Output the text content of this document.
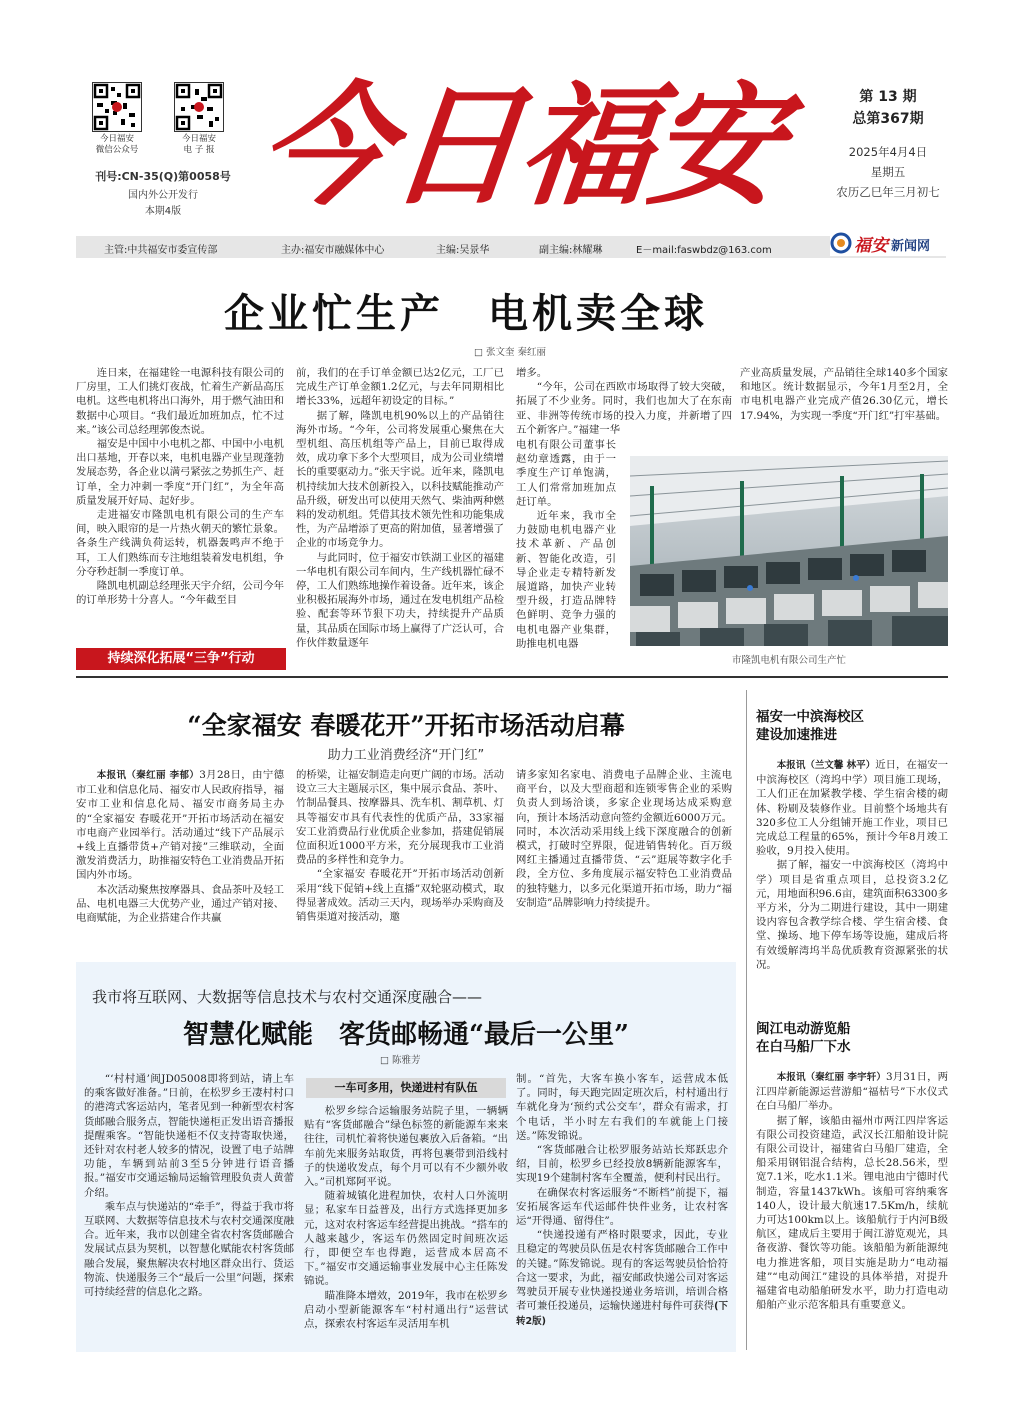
今日福安
微信公众号
今日福安
电 子 报
刊号:CN-35(Q)第0058号
国内外公开发行
本期4版 今日福安	第 13 期
总第367期
2025年4月4日
星期五
农历乙巳年三月初七
主管:中共福安市委宣传部	主办:福安市融媒体中心	主编:吴景华	副主编:林耀琳	E－mail:faswbdz@163.com	福安 新闻网
企业忙生产　电机卖全球
□ 张文奎 秦红丽

连日来，在福建铨一电源科技有限公司的厂房里，工人们挑灯夜战，忙着生产新品高压电机。这些电机将出口海外，用于燃气油田和数据中心项目。“我们最近加班加点，忙不过来。”该公司总经理郭俊杰说。

福安是中国中小电机之都、中国中小电机出口基地，开春以来，电机电器产业呈现蓬勃发展态势，各企业以满弓紧弦之势抓生产、赶订单，全力冲刺一季度“开门红”，为全年高质量发展开好局、起好步。

走进福安市隆凯电机有限公司的生产车间，映入眼帘的是一片热火朝天的繁忙景象。各条生产线满负荷运转，机器轰鸣声不绝于耳，工人们熟练而专注地组装着发电机组，争分夺秒赶制一季度订单。

隆凯电机副总经理张天宇介绍，公司今年的订单形势十分喜人。“今年截至目

持续深化拓展“三争”行动

前，我们的在手订单金额已达2亿元，工厂已完成生产订单金额1.2亿元，与去年同期相比增长33%，远超年初设定的目标。”

据了解，隆凯电机90%以上的产品销往海外市场。“今年，公司将发展重心聚焦在大型机组、高压机组等产品上，目前已取得成效，成功拿下多个大型项目，成为公司业绩增长的重要驱动力。”张天宇说。近年来，隆凯电机持续加大技术创新投入，以科技赋能推动产品升级，研发出可以使用天然气、柴油两种燃料的发动机组。凭借其技术领先性和功能集成性，为产品增添了更高的附加值，显著增强了企业的市场竞争力。

与此同时，位于福安市铁湖工业区的福建一华电机有限公司车间内，生产线机器忙碌不停，工人们熟练地操作着设备。近年来，该企业积极拓展海外市场，通过在发电机组产品检验、配套等环节狠下功夫，持续提升产品质量，其品质在国际市场上赢得了广泛认可，合作伙伴数量逐年

增多。

“今年，公司在西欧市场取得了较大突破，拓展了不少业务。同时，我们也加大了在东南亚、非洲等传统市场的投入力度，并新增了四五个新客户。”福建一华

电机有限公司董事长赵幼章透露，由于一季度生产订单饱满，工人们常常加班加点赶订单。

近年来，我市全力鼓励电机电器产业技术革新、产品创新、智能化改造，引导企业走专精特新发展道路，加快产业转型升级，打造品牌特色鲜明、竞争力强的电机电器产业集群，助推电机电器

产业高质量发展，产品销往全球140多个国家和地区。统计数据显示，今年1月至2月，全市电机电器产业完成产值26.30亿元，增长17.94%，为实现一季度“开门红”打牢基础。

市隆凯电机有限公司生产忙
“全家福安 春暖花开”开拓市场活动启幕
助力工业消费经济“开门红”

本报讯（秦红丽 李郁）3月28日，由宁德市工业和信息化局、福安市人民政府指导，福安市工业和信息化局、福安市商务局主办的“全家福安 春暖花开”开拓市场活动在福安市电商产业园举行。活动通过“线下产品展示+线上直播带货+产销对接”三维联动，全面激发消费活力，助推福安特色工业消费品开拓国内外市场。

本次活动聚焦按摩器具、食品茶叶及轻工品、电机电器三大优势产业，通过产销对接、电商赋能，为企业搭建合作共赢

的桥梁，让福安制造走向更广阔的市场。活动设立三大主题展示区，集中展示食品、茶叶、竹制品餐具、按摩器具、洗车机、割草机、灯具等福安市具有代表性的优质产品，33家福安工业消费品行业优质企业参加，搭建促销展位面积近1000平方米，充分展现我市工业消费品的多样性和竞争力。

“全家福安 春暖花开”开拓市场活动创新采用“线下促销+线上直播”双轮驱动模式，取得显著成效。活动三天内，现场举办采购商及销售渠道对接活动，邀

请多家知名家电、消费电子品牌企业、主流电商平台，以及大型商超和连锁零售企业的采购负责人到场洽谈，多家企业现场达成采购意向，预计本场活动意向签约金额近6000万元。同时，本次活动采用线上线下深度融合的创新模式，打破时空界限，促进销售转化。百万级网红主播通过直播带货、“云”逛展等数字化手段，全方位、多角度展示福安特色工业消费品的独特魅力，以多元化渠道开拓市场，助力“福安制造”品牌影响力持续提升。

我市将互联网、大数据等信息技术与农村交通深度融合——
智慧化赋能　客货邮畅通“最后一公里”
□ 陈雅芳

“‘村村通’闽JD05008即将到站，请上车的乘客做好准备。”日前，在松罗乡王凄村村口的港湾式客运站内，笔者见到一种新型农村客货邮融合服务点，智能快递柜正发出语音播报提醒乘客。“智能快递柜不仅支持寄取快递，还针对农村老人较多的情况，设置了电子站牌功能，车辆到站前3至5分钟进行语音播报。”福安市交通运输局运输管理股负责人黄蕾介绍。

乘车点与快递站的“牵手”，得益于我市将互联网、大数据等信息技术与农村交通深度融合。近年来，我市以创建全省农村客货邮融合发展试点县为契机，以智慧化赋能农村客货邮融合发展，聚焦解决农村地区群众出行、货运物流、快递服务三个“最后一公里”问题，探索可持续经营的信息化之路。

一车可多用，快递进村有队伍

松罗乡综合运输服务站院子里，一辆辆贴有“客货邮融合”绿色标签的新能源车来来往往，司机忙着将快递包裹放入后备箱。“出车前先来服务站取货，再将包裹带到沿线村子的快递收发点，每个月可以有不少额外收入。”司机郑阿平说。

随着城镇化进程加快，农村人口外流明显；私家车日益普及，出行方式选择更加多元，这对农村客运车经营提出挑战。“搭车的人越来越少，客运车仍然固定时间班次运行，即便空车也得跑，运营成本居高不下。”福安市交通运输事业发展中心主任陈发锦说。

瞄准降本增效，2019年，我市在松罗乡启动小型新能源客车“村村通出行”运营试点，探索农村客运车灵活用车机

制。“首先，大客车换小客车，运营成本低了。同时，每天跑完固定班次后，村村通出行车就化身为‘预约式公交车’，群众有需求，打个电话，半小时左右我们的车就能上门接送。”陈发锦说。

“客货邮融合让松罗服务站站长郑跃忠介绍，目前，松罗乡已经投放8辆新能源客车，实现19个建制村客车全覆盖，便利村民出行。

在确保农村客运服务“不断档”前提下，福安拓展客运车代运邮件快件业务，让农村客运“开得通、留得住”。

“快递投递有严格时限要求，因此，专业且稳定的驾驶员队伍是农村客货邮融合工作中的关键。”陈发锦说。现有的客运驾驶员恰恰符合这一要求，为此，福安邮政快递公司对客运驾驶员开展专业快递投递业务培训，培训合格者可兼任投递员，运输快递进村每件可获得(下转2版)

福安一中滨海校区
建设加速推进

本报讯（兰文馨 林平）近日，在福安一中滨海校区（湾坞中学）项目施工现场，工人们正在加紧教学楼、学生宿舍楼的砌体、粉刷及装修作业。目前整个场地共有320多位工人分组铺开施工作业，项目已完成总工程量的65%，预计今年8月竣工验收，9月投入使用。

据了解，福安一中滨海校区（湾坞中学）项目是省重点项目，总投资3.2亿元，用地面积96.6亩，建筑面积63300多平方米，分为二期进行建设，其中一期建设内容包含教学综合楼、学生宿舍楼、食堂、操场、地下停车场等设施，建成后将有效缓解湾坞半岛优质教育资源紧张的状况。

闽江电动游览船
在白马船厂下水

本报讯（秦红丽 李宇轩）3月31日，两江四岸新能源运营游船“福桔号”下水仪式在白马船厂举办。

据了解，该船由福州市两江四岸客运有限公司投资建造，武汉长江船舶设计院有限公司设计，福建省白马船厂建造，全船采用钢铝混合结构，总长28.56米，型宽7.1米，吃水1.1米。锂电池由宁德时代制造，容量1437kWh。该船可容纳乘客140人，设计最大航速17.5Km/h，续航力可达100km以上。该船航行于内河B级航区，建成后主要用于闽江游览观光，具备夜游、餐饮等功能。该船船为新能源纯电力推进客船，项目实施是助力“电动福建”“电动闽江”建设的具体举措，对提升福建省电动船舶研发水平，助力打造电动船舶产业示范客船具有重要意义。
